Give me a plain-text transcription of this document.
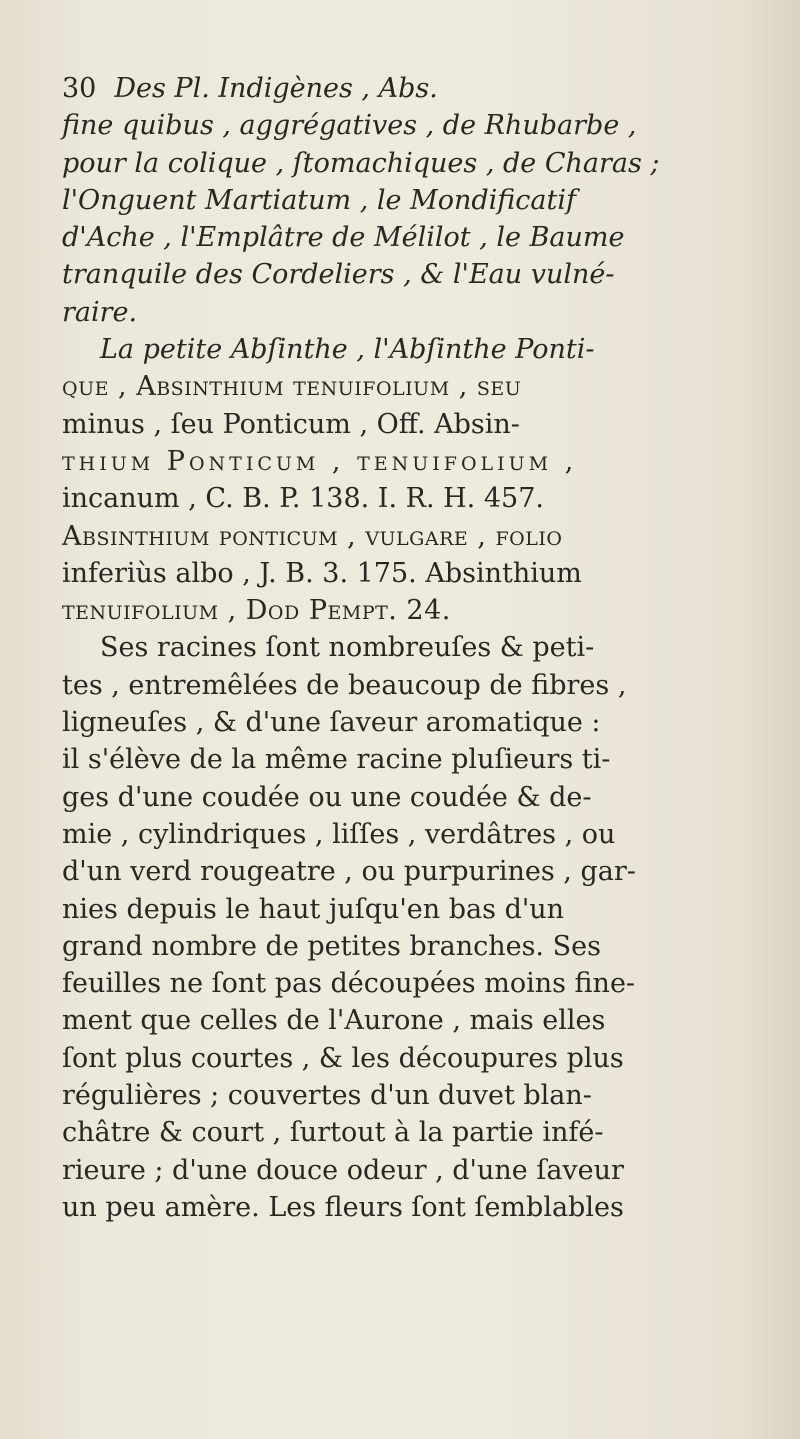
30 Des Pl. Indigènes , Abs.
fine quibus , aggrégatives , de Rhubarbe ,
pour la colique , ſtomachiques , de Charas ;
l'Onguent Martiatum , le Mondificatif
d'Ache , l'Emplâtre de Mélilot , le Baume
tranquile des Cordeliers , & l'Eau vulné-
raire.
La petite Abſinthe , l'Abſinthe Ponti-
que , Absinthium tenuifolium , ſeu
minus , ſeu Ponticum , Off. Absin-
thium Ponticum , tenuifolium ,
incanum , C. B. P. 138. I. R. H. 457.
Absinthium ponticum , vulgare , folio
inferiùs albo , J. B. 3. 175. Absinthium
tenuifolium , Dod Pempt. 24.
Ses racines ſont nombreuſes & peti-
tes , entremêlées de beaucoup de fibres ,
ligneuſes , & d'une ſaveur aromatique :
il s'élève de la même racine pluſieurs ti-
ges d'une coudée ou une coudée & de-
mie , cylindriques , liſſes , verdâtres , ou
d'un verd rougeatre , ou purpurines , gar-
nies depuis le haut juſqu'en bas d'un
grand nombre de petites branches. Ses
feuilles ne ſont pas découpées moins fine-
ment que celles de l'Aurone , mais elles
ſont plus courtes , & les découpures plus
régulières ; couvertes d'un duvet blan-
châtre & court , ſurtout à la partie infé-
rieure ; d'une douce odeur , d'une ſaveur
un peu amère. Les fleurs ſont ſemblables
